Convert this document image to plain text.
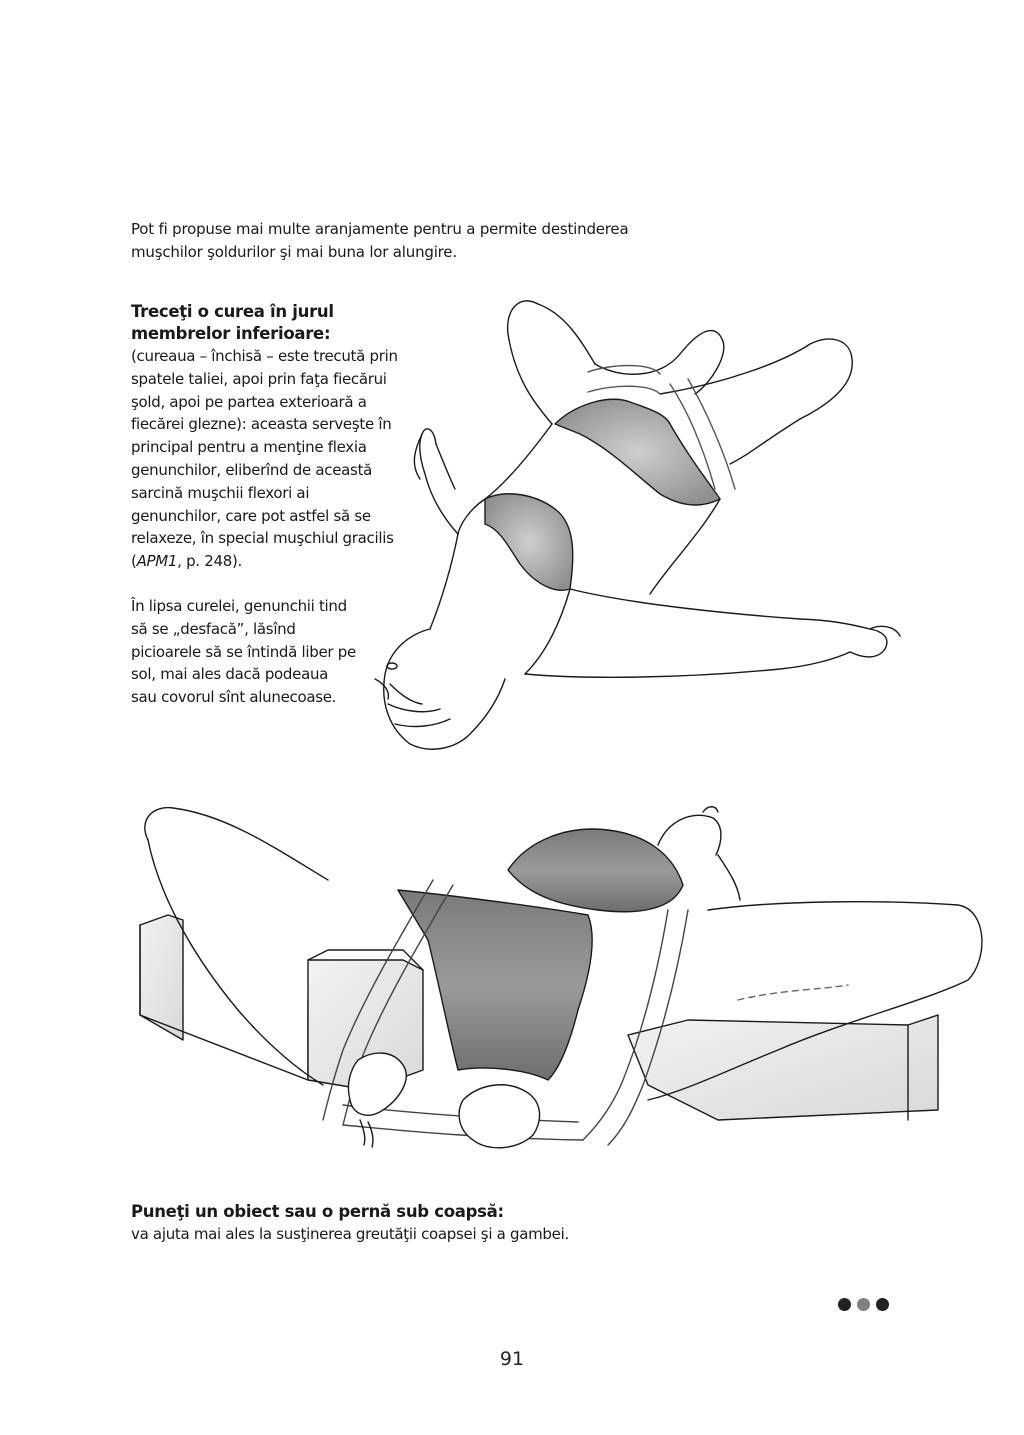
Pot fi propuse mai multe aranjamente pentru a permite destinderea muşchilor şoldurilor şi mai buna lor alungire.

Treceţi o curea în jurul membrelor inferioare:

(cureaua – închisă – este trecută prin spatele taliei, apoi prin faţa fiecărui şold, apoi pe partea exterioară a fiecărei glezne): aceasta serveşte în principal pentru a menţine flexia genunchilor, eliberînd de această sarcină muşchii flexori ai genunchilor, care pot astfel să se relaxeze, în special muşchiul gracilis (APM1, p. 248).

În lipsa curelei, genunchii tind să se „desfacă”, lăsînd picioarele să se întindă liber pe sol, mai ales dacă podeaua sau covorul sînt alunecoase.

Puneţi un obiect sau o pernă sub coapsă:
va ajuta mai ales la susţinerea greutăţii coapsei şi a gambei.
91
